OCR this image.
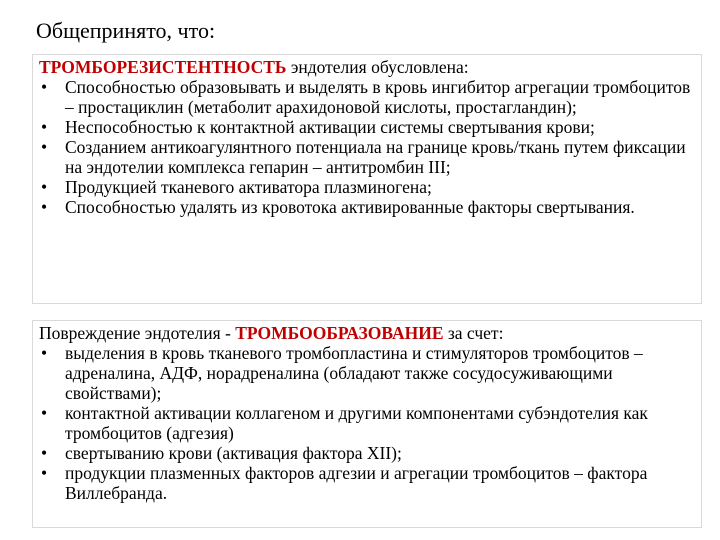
Общепринято, что:

ТРОМБОРЕЗИСТЕНТНОСТЬ эндотелия обусловлена:

• Способностью образовывать и выделять в кровь ингибитор агрегации тромбоцитов – простациклин (метаболит арахидоновой кислоты, простагландин);
• Неспособностью к контактной активации системы свертывания крови;
• Созданием антикоагулянтного потенциала на границе кровь/ткань путем фиксации на эндотелии комплекса гепарин – антитромбин III;
• Продукцией тканевого активатора плазминогена;
• Способностью удалять из кровотока активированные факторы свертывания.

Повреждение эндотелия - ТРОМБООБРАЗОВАНИЕ за счет:

• выделения в кровь тканевого тромбопластина и стимуляторов тромбоцитов – адреналина, АДФ, норадреналина (обладают также сосудосуживающими свойствами);
• контактной активации коллагеном и другими компонентами субэндотелия как тромбоцитов (адгезия)
• свертыванию крови (активация фактора XII);
• продукции плазменных факторов адгезии и агрегации тромбоцитов – фактора Виллебранда.
